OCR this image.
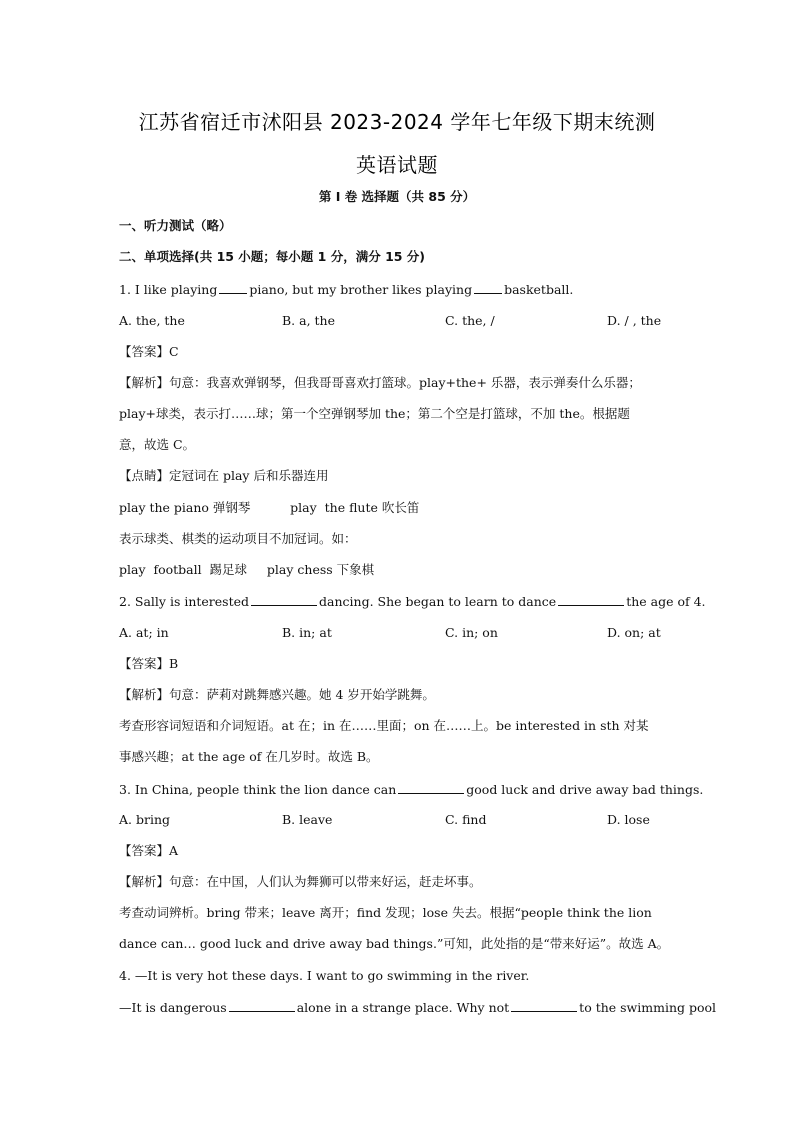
江苏省宿迁市沭阳县 2023-2024 学年七年级下期末统测
英语试题
第 I 卷 选择题（共 85 分）
一、听力测试（略）
二、单项选择(共 15 小题；每小题 1 分，满分 15 分)
1. I like playing	piano, but my brother likes playing	basketball.
A. the, the	B. a, the	C. the, /	D. / , the
【答案】C
【解析】句意：我喜欢弹钢琴，但我哥哥喜欢打篮球。play+the+ 乐器，表示弹奏什么乐器；
play+球类，表示打……球；第一个空弹钢琴加 the；第二个空是打篮球，不加 the。根据题
意，故选 C。
【点睛】定冠词在 play 后和乐器连用
play the piano 弹钢琴          play  the flute 吹长笛
表示球类、棋类的运动项目不加冠词。如：
play  football  踢足球     play chess 下象棋
2. Sally is interested	dancing. She began to learn to dance	the age of 4.
A. at; in	B. in; at	C. in; on	D. on; at
【答案】B
【解析】句意：萨莉对跳舞感兴趣。她 4 岁开始学跳舞。
考查形容词短语和介词短语。at 在；in 在……里面；on 在……上。be interested in sth 对某
事感兴趣；at the age of 在几岁时。故选 B。
3. In China, people think the lion dance can	good luck and drive away bad things.
A. bring	B. leave	C. find	D. lose
【答案】A
【解析】句意：在中国，人们认为舞狮可以带来好运，赶走坏事。
考查动词辨析。bring 带来；leave 离开；find 发现；lose 失去。根据“people think the lion
dance can… good luck and drive away bad things.”可知，此处指的是“带来好运”。故选 A。
4. —It is very hot these days. I want to go swimming in the river.
—It is dangerous	alone in a strange place. Why not	to the swimming pool
